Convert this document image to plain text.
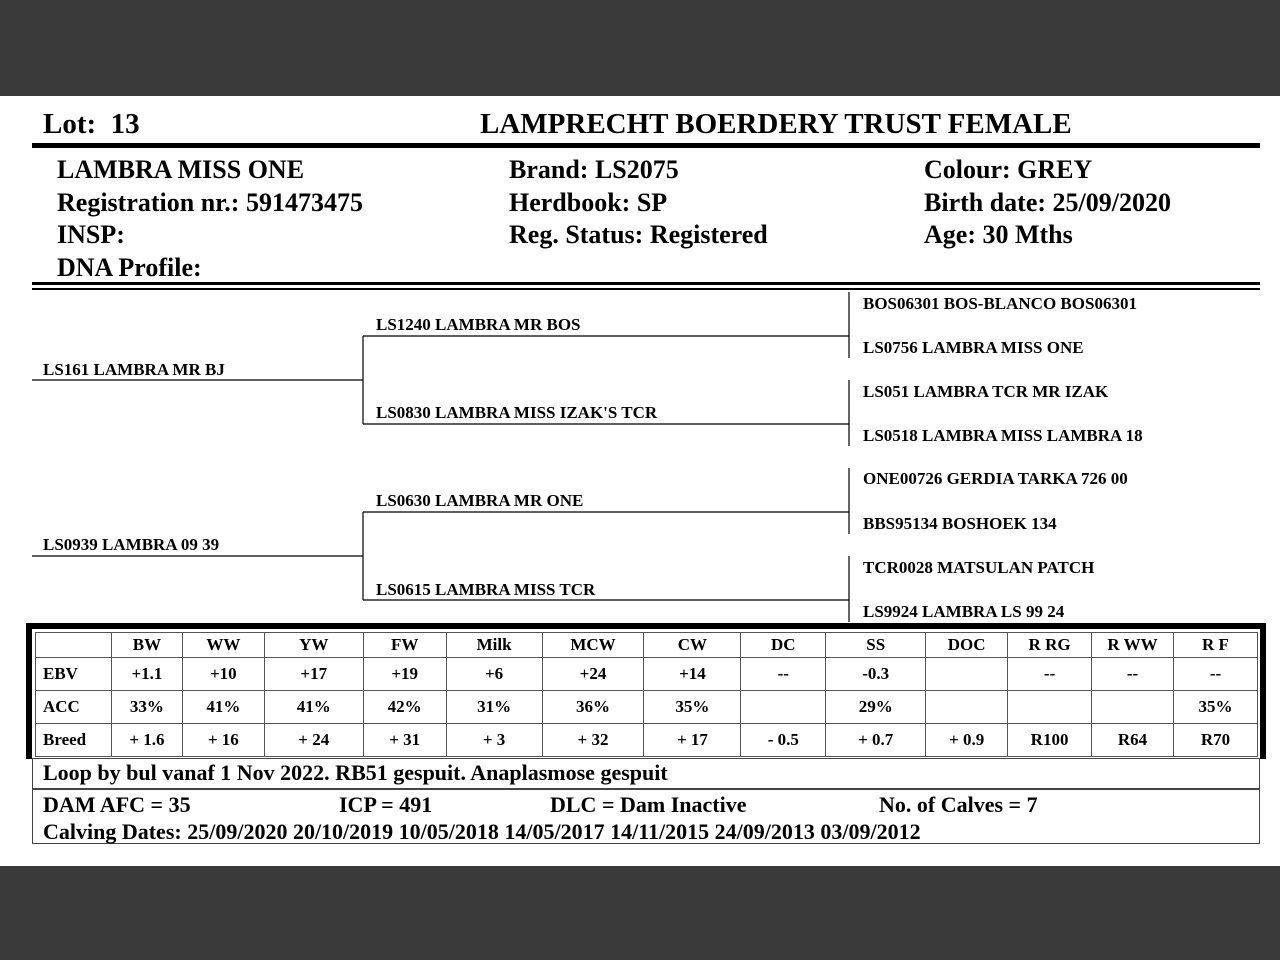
Lot: 13	LAMPRECHT BOERDERY TRUST FEMALE
LAMBRA MISS ONE
Registration nr.: 591473475
INSP:
DNA Profile:
Brand: LS2075
Herdbook: SP
Reg. Status: Registered
Colour: GREY
Birth date: 25/09/2020
Age: 30 Mths
LS161 LAMBRA MR BJ
LS0939 LAMBRA 09 39
LS1240 LAMBRA MR BOS
LS0830 LAMBRA MISS IZAK'S TCR
LS0630 LAMBRA MR ONE
LS0615 LAMBRA MISS TCR
BOS06301 BOS-BLANCO BOS06301
LS0756 LAMBRA MISS ONE
LS051 LAMBRA TCR MR IZAK
LS0518 LAMBRA MISS LAMBRA 18
ONE00726 GERDIA TARKA 726 00
BBS95134 BOSHOEK 134
TCR0028 MATSULAN PATCH
LS9924 LAMBRA LS 99 24
	BW	WW	YW	FW	Milk	MCW	CW	DC	SS	DOC	R RG	R WW	R F
EBV	+1.1	+10	+17	+19	+6	+24	+14	--	-0.3		--	--	--
ACC	33%	41%	41%	42%	31%	36%	35%		29%				35%
Breed	+ 1.6	+ 16	+ 24	+ 31	+ 3	+ 32	+ 17	- 0.5	+ 0.7	+ 0.9	R100	R64	R70
Loop by bul vanaf 1 Nov 2022. RB51 gespuit. Anaplasmose gespuit
DAM AFC = 35	ICP = 491	DLC = Dam Inactive	No. of Calves = 7
Calving Dates: 25/09/2020 20/10/2019 10/05/2018 14/05/2017 14/11/2015 24/09/2013 03/09/2012
